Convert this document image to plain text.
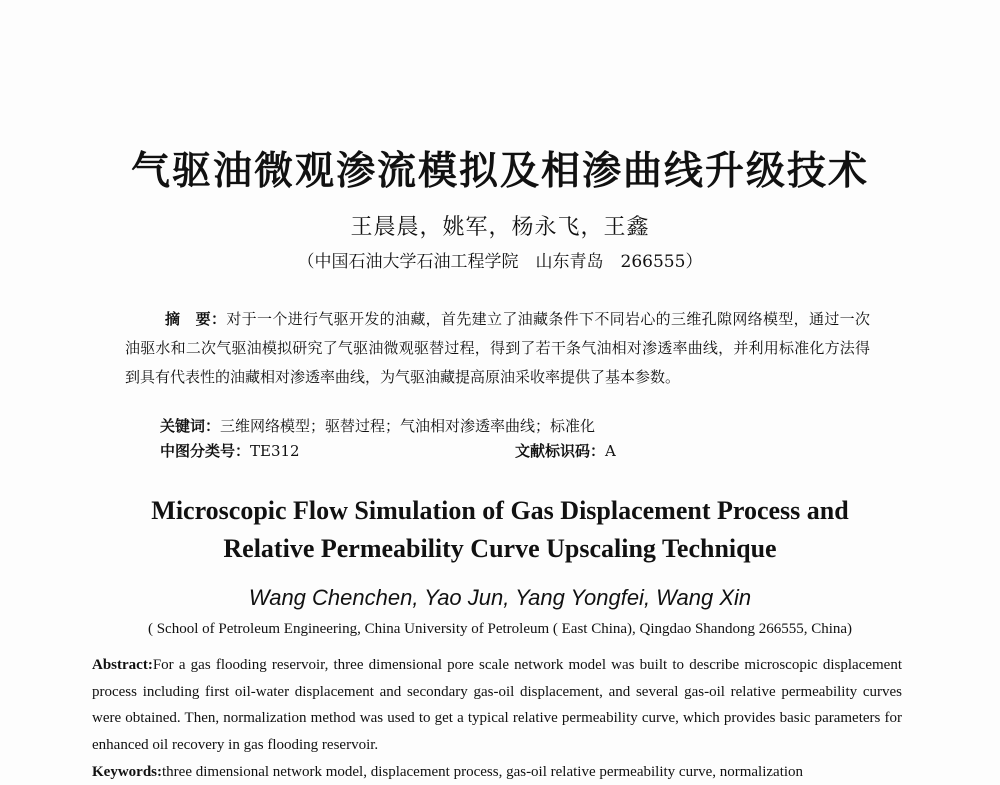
气驱油微观渗流模拟及相渗曲线升级技术
王晨晨，姚军，杨永飞，王鑫
（中国石油大学石油工程学院　山东青岛　266555）

摘　要：对于一个进行气驱开发的油藏，首先建立了油藏条件下不同岩心的三维孔隙网络模型，通过一次油驱水和二次气驱油模拟研究了气驱油微观驱替过程，得到了若干条气油相对渗透率曲线，并利用标准化方法得到具有代表性的油藏相对渗透率曲线，为气驱油藏提高原油采收率提供了基本参数。

关键词：三维网络模型；驱替过程；气油相对渗透率曲线；标准化
中图分类号：TE312	文献标识码：A
Microscopic Flow Simulation of Gas Displacement Process and
Relative Permeability Curve Upscaling Technique
Wang Chenchen, Yao Jun, Yang Yongfei, Wang Xin
( School of Petroleum Engineering, China University of Petroleum ( East China), Qingdao Shandong 266555, China)

Abstract:For a gas flooding reservoir, three dimensional pore scale network model was built to describe microscopic displacement process including first oil-water displacement and secondary gas-oil displacement, and several gas-oil relative permeability curves were obtained. Then, normalization method was used to get a typical relative permeability curve, which provides basic parameters for enhanced oil recovery in gas flooding reservoir.

Keywords:three dimensional network model, displacement process, gas-oil relative permeability curve, normalization
